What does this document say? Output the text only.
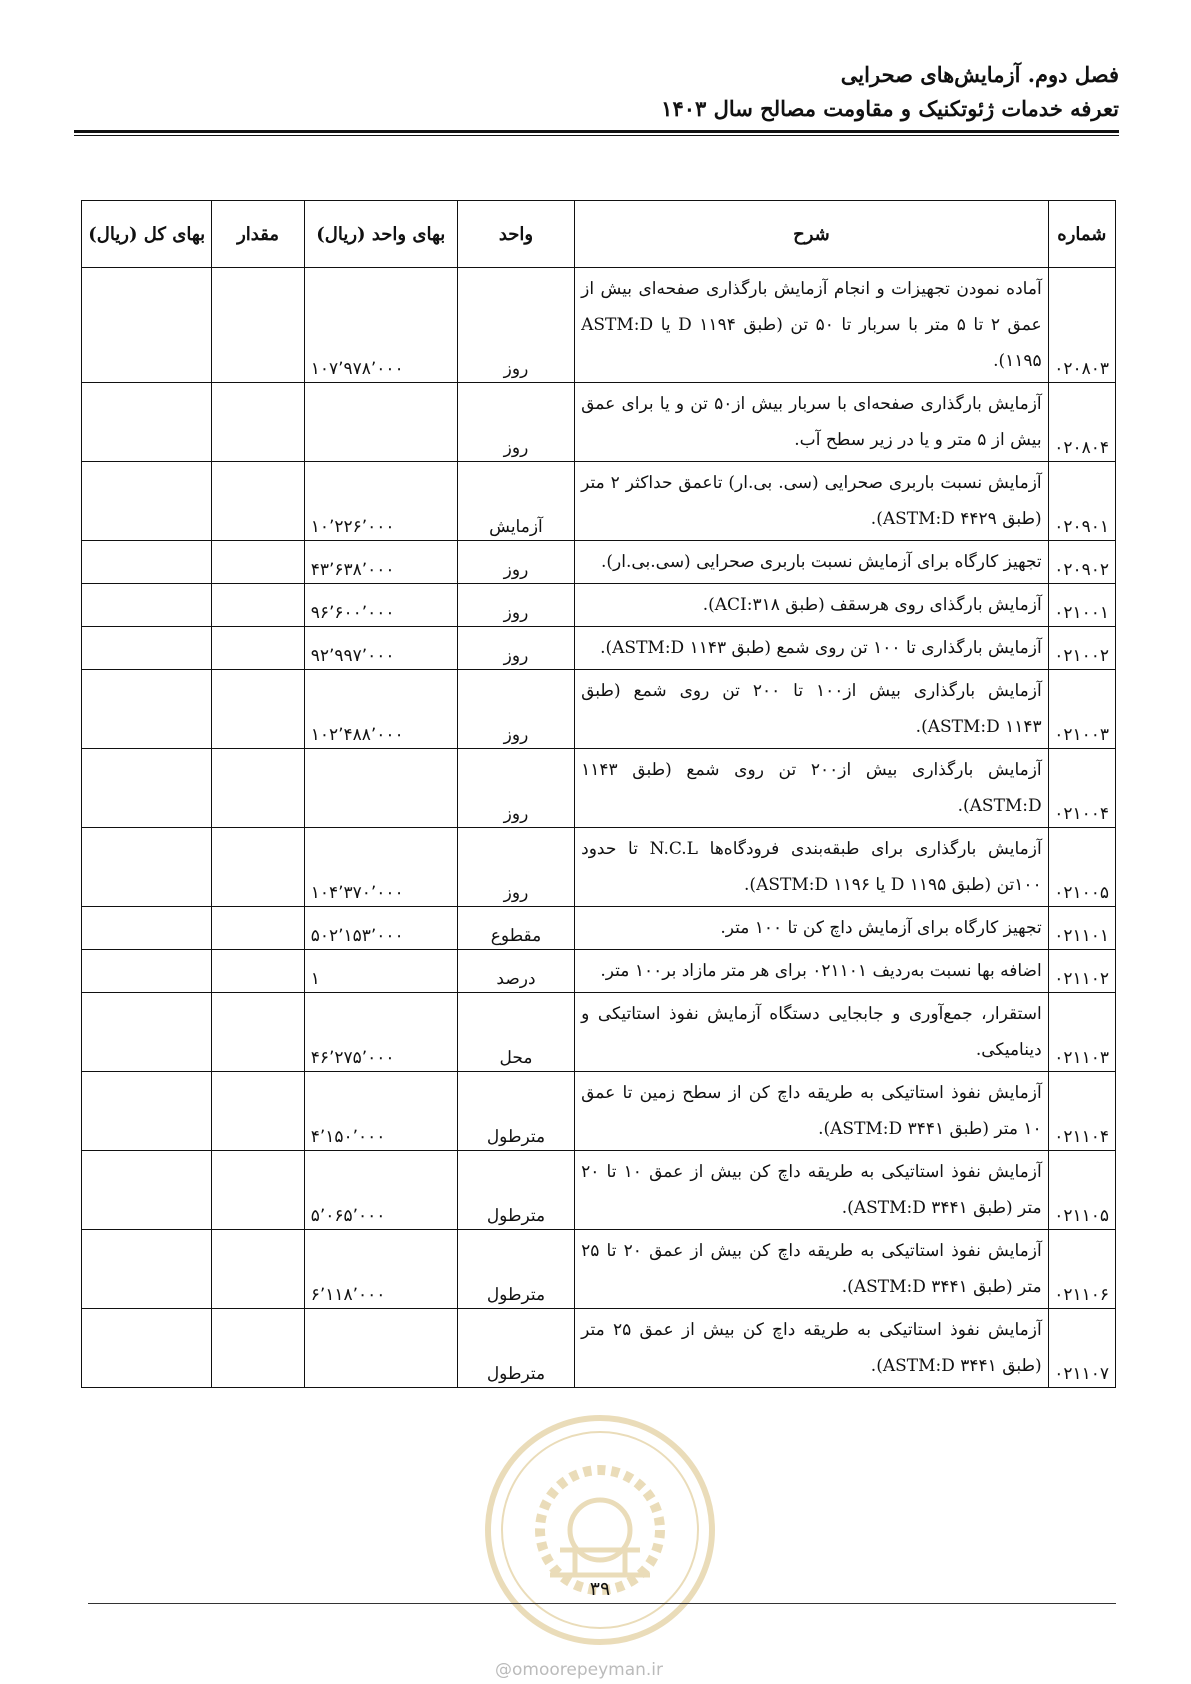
فصل دوم. آزمایش‌های صحرایی
تعرفه خدمات ژئوتکنیک و مقاومت مصالح سال ۱۴۰۳
شماره	شرح	واحد	بهای واحد (ریال)	مقدار	بهای کل (ریال)
۰۲۰۸۰۳	آماده نمودن تجهیزات و انجام آزمایش بارگذاری صفحه‌ای بیش از عمق ۲ تا ۵ متر با سربار تا ۵۰ تن (طبق D ۱۱۹۴ یا ASTM:D ۱۱۹۵).	روز	۱۰۷٬۹۷۸٬۰۰۰		
۰۲۰۸۰۴	آزمایش بارگذاری صفحه‌ای با سربار بیش از۵۰ تن و یا برای عمق بیش از ۵ متر و یا در زیر سطح آب.	روز			
۰۲۰۹۰۱	آزمایش نسبت باربری صحرایی (سی. بی.ار) تاعمق حداکثر ۲ متر (طبق ASTM:D ۴۴۲۹).	آزمایش	۱۰٬۲۲۶٬۰۰۰		
۰۲۰۹۰۲	تجهیز کارگاه برای آزمایش نسبت باربری صحرایی (سی.بی.ار).	روز	۴۳٬۶۳۸٬۰۰۰		
۰۲۱۰۰۱	آزمایش بارگذای روی هرسقف (طبق ACI:۳۱۸).	روز	۹۶٬۶۰۰٬۰۰۰		
۰۲۱۰۰۲	آزمایش بارگذاری تا ۱۰۰ تن روی شمع (طبق ۱۱۴۳ ASTM:D).	روز	۹۲٬۹۹۷٬۰۰۰		
۰۲۱۰۰۳	آزمایش بارگذاری بیش از۱۰۰ تا ۲۰۰ تن روی شمع (طبق ASTM:D ۱۱۴۳).	روز	۱۰۲٬۴۸۸٬۰۰۰		
۰۲۱۰۰۴	آزمایش بارگذاری بیش از۲۰۰ تن روی شمع (طبق ۱۱۴۳ ASTM:D).	روز			
۰۲۱۰۰۵	آزمایش بارگذاری برای طبقه‌بندی فرودگاه‌ها N.C.L تا حدود ۱۰۰تن (طبق D ۱۱۹۵ یا ASTM:D ۱۱۹۶).	روز	۱۰۴٬۳۷۰٬۰۰۰		
۰۲۱۱۰۱	تجهیز کارگاه برای آزمایش داچ کن تا ۱۰۰ متر.	مقطوع	۵۰۲٬۱۵۳٬۰۰۰		
۰۲۱۱۰۲	اضافه بها نسبت به‌ردیف ۰۲۱۱۰۱ برای هر متر مازاد بر۱۰۰ متر.	درصد	۱		
۰۲۱۱۰۳	استقرار، جمع‌آوری و جابجایی دستگاه آزمایش نفوذ استاتیکی و دینامیکی.	محل	۴۶٬۲۷۵٬۰۰۰		
۰۲۱۱۰۴	آزمایش نفوذ استاتیکی به طریقه داچ کن از سطح زمین تا عمق ۱۰ متر (طبق ASTM:D ۳۴۴۱).	مترطول	۴٬۱۵۰٬۰۰۰		
۰۲۱۱۰۵	آزمایش نفوذ استاتیکی به طریقه داچ کن بیش از عمق ۱۰ تا ۲۰ متر (طبق ASTM:D ۳۴۴۱).	مترطول	۵٬۰۶۵٬۰۰۰		
۰۲۱۱۰۶	آزمایش نفوذ استاتیکی به طریقه داچ کن بیش از عمق ۲۰ تا ۲۵ متر (طبق ASTM:D ۳۴۴۱).	مترطول	۶٬۱۱۸٬۰۰۰		
۰۲۱۱۰۷	آزمایش نفوذ استاتیکی به طریقه داچ کن بیش از عمق ۲۵ متر (طبق ASTM:D ۳۴۴۱).	مترطول			
۳۹
@omoorepeyman.ir
